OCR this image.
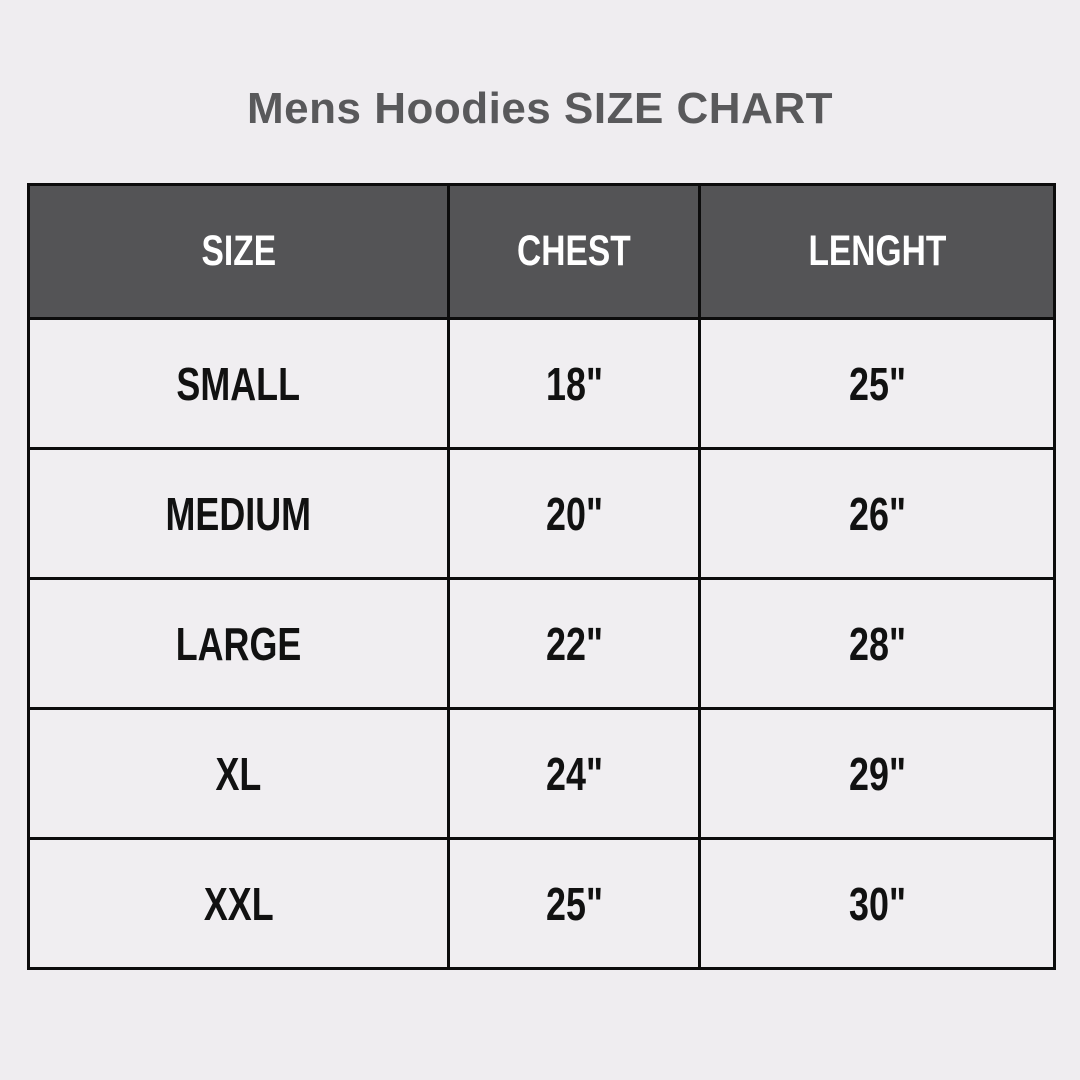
Mens Hoodies SIZE CHART
SIZE	CHEST	LENGHT
SMALL	18"	25"
MEDIUM	20"	26"
LARGE	22"	28"
XL	24"	29"
XXL	25"	30"
